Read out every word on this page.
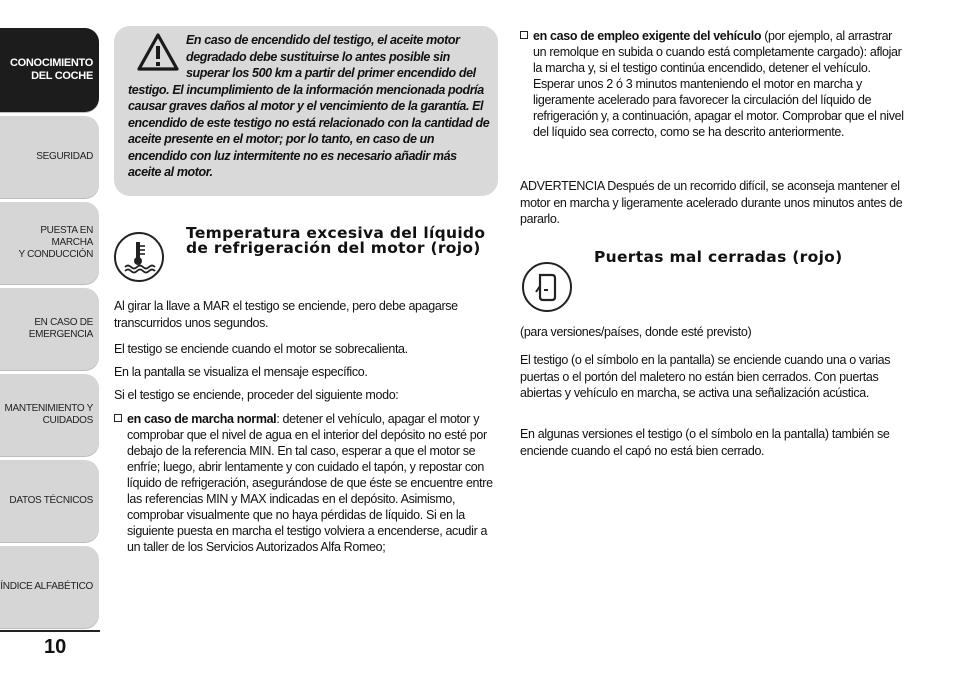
CONOCIMIENTO
DEL COCHE
SEGURIDAD
PUESTA EN MARCHA
Y CONDUCCIÓN
EN CASO DE
EMERGENCIA
MANTENIMIENTO Y
CUIDADOS
DATOS TÉCNICOS
ÍNDICE ALFABÉTICO
10

En caso de encendido del testigo, el aceite motor degradado debe sustituirse lo antes posible sin superar los 500 km a partir del primer encendido del testigo. El incumplimiento de la información mencionada podría causar graves daños al motor y el vencimiento de la garantía. El encendido de este testigo no está relacionado con la cantidad de aceite presente en el motor; por lo tanto, en caso de un encendido con luz intermitente no es necesario añadir más aceite al motor.

Temperatura excesiva del líquido de refrigeración del motor (rojo)

Al girar la llave a MAR el testigo se enciende, pero debe apagarse transcurridos unos segundos.

El testigo se enciende cuando el motor se sobrecalienta.

En la pantalla se visualiza el mensaje específico.

Si el testigo se enciende, proceder del siguiente modo:

en caso de marcha normal: detener el vehículo, apagar el motor y comprobar que el nivel de agua en el interior del depósito no esté por debajo de la referencia MIN. En tal caso, esperar a que el motor se enfríe; luego, abrir lentamente y con cuidado el tapón, y repostar con líquido de refrigeración, asegurándose de que éste se encuentre entre las referencias MIN y MAX indicadas en el depósito. Asimismo, comprobar visualmente que no haya pérdidas de líquido. Si en la siguiente puesta en marcha el testigo volviera a encenderse, acudir a un taller de los Servicios Autorizados Alfa Romeo;
en caso de empleo exigente del vehículo (por ejemplo, al arrastrar un remolque en subida o cuando está completamente cargado): aflojar la marcha y, si el testigo continúa encendido, detener el vehículo. Esperar unos 2 ó 3 minutos manteniendo el motor en marcha y ligeramente acelerado para favorecer la circulación del líquido de refrigeración y, a continuación, apagar el motor. Comprobar que el nivel del líquido sea correcto, como se ha descrito anteriormente.

ADVERTENCIA Después de un recorrido difícil, se aconseja mantener el motor en marcha y ligeramente acelerado durante unos minutos antes de pararlo.

Puertas mal cerradas (rojo)

(para versiones/países, donde esté previsto)

El testigo (o el símbolo en la pantalla) se enciende cuando una o varias puertas o el portón del maletero no están bien cerrados. Con puertas abiertas y vehículo en marcha, se activa una señalización acústica.

En algunas versiones el testigo (o el símbolo en la pantalla) también se enciende cuando el capó no está bien cerrado.
